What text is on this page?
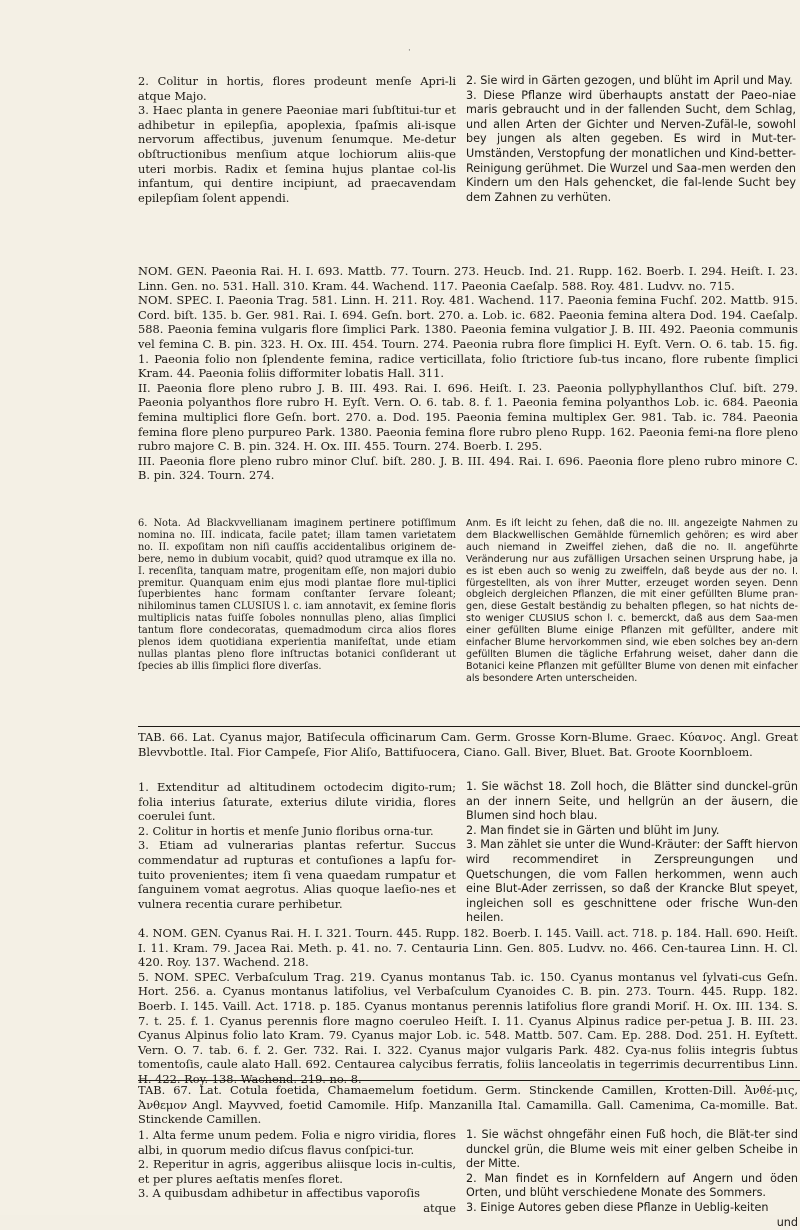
·

2. Colitur in hortis, flores prodeunt menſe Apri-li atque Majo.

3. Haec planta in genere Paeoniae mari ſubſtitui-tur et adhibetur in epilepſia, apoplexia, ſpaſmis ali-isque nervorum affectibus, juvenum ſenumque. Me-detur obſtructionibus menſium atque lochiorum aliis-que uteri morbis. Radix et ſemina hujus plantae col-lis infantum, qui dentire incipiunt, ad praecavendam epilepſiam ſolent appendi.

2. Sie wird in Gärten gezogen, und blüht im April und May.

3. Diese Pflanze wird überhaupts anstatt der Paeo-niae maris gebraucht und in der fallenden Sucht, dem Schlag, und allen Arten der Gichter und Nerven-Zufäl-le, sowohl bey jungen als alten gegeben. Es wird in Mut-ter-Umständen, Verstopfung der monatlichen und Kind-better-Reinigung gerühmet. Die Wurzel und Saa-men werden den Kindern um den Hals gehencket, die fal-lende Sucht bey dem Zahnen zu verhüten.

NOM. GEN. Paeonia Rai. H. I. 693. Mattb. 77. Tourn. 273. Heucb. Ind. 21. Rupp. 162. Boerb. I. 294. Heiſt. I. 23. Linn. Gen. no. 531. Hall. 310. Kram. 44. Wachend. 117. Paeonia Caeſalp. 588. Roy. 481. Ludvv. no. 715.

NOM. SPEC. I. Paeonia Trag. 581. Linn. H. 211. Roy. 481. Wachend. 117. Paeonia femina Fuchſ. 202. Mattb. 915. Cord. biſt. 135. b. Ger. 981. Rai. I. 694. Geſn. bort. 270. a. Lob. ic. 682. Paeonia femina altera Dod. 194. Caeſalp. 588. Paeonia femina vulgaris flore ſimplici Park. 1380. Paeonia femina vulgatior J. B. III. 492. Paeonia communis vel femina C. B. pin. 323. H. Ox. III. 454. Tourn. 274. Paeonia rubra flore ſimplici H. Eyſt. Vern. O. 6. tab. 15. fig. 1. Paeonia folio non ſplendente femina, radice verticillata, folio ſtrictiore ſub-tus incano, flore rubente ſimplici Kram. 44. Paeonia foliis difformiter lobatis Hall. 311.

II. Paeonia flore pleno rubro J. B. III. 493. Rai. I. 696. Heiſt. I. 23. Paeonia pollyphyllanthos Cluſ. biſt. 279. Paeonia polyanthos flore rubro H. Eyſt. Vern. O. 6. tab. 8. f. 1. Paeonia femina polyanthos Lob. ic. 684. Paeonia femina multiplici flore Geſn. bort. 270. a. Dod. 195. Paeonia femina multiplex Ger. 981. Tab. ic. 784. Paeonia femina flore pleno purpureo Park. 1380. Paeonia femina flore rubro pleno Rupp. 162. Paeonia femi-na flore pleno rubro majore C. B. pin. 324. H. Ox. III. 455. Tourn. 274. Boerb. I. 295.

III. Paeonia flore pleno rubro minor Cluſ. biſt. 280. J. B. III. 494. Rai. I. 696. Paeonia flore pleno rubro minore C. B. pin. 324. Tourn. 274.

6. Nota. Ad Blackvvellianam imaginem pertinere potiſſimum nomina no. III. indicata, facile patet; illam tamen varietatem no. II. expoſitam non niſi cauſſis accidentalibus originem de-bere, nemo in dubium vocabit, quid? quod utramque ex illa no. I. recenſita, tanquam matre, progenitam eſſe, non majori dubio premitur. Quanquam enim ejus modi plantae flore mul-tiplici ſuperbientes hanc formam conſtanter ſervare ſoleant; nihilominus tamen CLUSIUS l. c. iam annotavit, ex ſemine floris multiplicis natas fuiſſe ſoboles nonnullas pleno, alias ſimplici tantum flore condecoratas, quemadmodum circa alios flores plenos idem quotidiana experientia manifeſtat, unde etiam nullas plantas pleno flore inſtructas botanici conſiderant ut ſpecies ab illis ſimplici flore diverſas.

Anm. Es iſt leicht zu ſehen, daß die no. III. angezeigte Nahmen zu dem Blackwellischen Gemählde fürnemlich gehören; es wird aber auch niemand in Zweiffel ziehen, daß die no. II. angeführte Veränderung nur aus zufälligen Ursachen seinen Ursprung habe, ja es ist eben auch so wenig zu zweiffeln, daß beyde aus der no. I. fürgestellten, als von ihrer Mutter, erzeuget worden seyen. Denn obgleich dergleichen Pflanzen, die mit einer gefüllten Blume pran-gen, diese Gestalt beständig zu behalten pflegen, so hat nichts de-sto weniger CLUSIUS schon l. c. bemerckt, daß aus dem Saa-men einer gefüllten Blume einige Pflanzen mit gefüllter, andere mit einfacher Blume hervorkommen sind, wie eben solches bey an-dern gefüllten Blumen die tägliche Erfahrung weiset, daher dann die Botanici keine Pflanzen mit gefüllter Blume von denen mit einfacher als besondere Arten unterscheiden.

TAB. 66. Lat. Cyanus major, Batiſecula officinarum Cam. Germ. Grosse Korn-Blume. Graec. Κύανος. Angl. Great Blevvbottle. Ital. Fior Campeſe, Fior Aliſo, Battifuocera, Ciano. Gall. Biver, Bluet. Bat. Groote Koornbloem.

1. Extenditur ad altitudinem octodecim digito-rum; folia interius ſaturate, exterius dilute viridia, flores coerulei ſunt.

2. Colitur in hortis et menſe Junio floribus orna-tur.

3. Etiam ad vulnerarias plantas refertur. Succus commendatur ad rupturas et contuſiones a lapſu for-tuito provenientes; item ſi vena quaedam rumpatur et ſanguinem vomat aegrotus. Alias quoque laeſio-nes et vulnera recentia curare perhibetur.

1. Sie wächst 18. Zoll hoch, die Blätter sind dunckel-grün an der innern Seite, und hellgrün an der äusern, die Blumen sind hoch blau.

2. Man findet sie in Gärten und blüht im Juny.

3. Man zählet sie unter die Wund-Kräuter: der Safft hiervon wird recommendiret in Zerspreungungen und Quetschungen, die vom Fallen herkommen, wenn auch eine Blut-Ader zerrissen, so daß der Krancke Blut speyet, ingleichen soll es geschnittene oder frische Wun-den heilen.

4. NOM. GEN. Cyanus Rai. H. I. 321. Tourn. 445. Rupp. 182. Boerb. I. 145. Vaill. act. 718. p. 184. Hall. 690. Heiſt. I. 11. Kram. 79. Jacea Rai. Meth. p. 41. no. 7. Centauria Linn. Gen. 805. Ludvv. no. 466. Cen-taurea Linn. H. Cl. 420. Roy. 137. Wachend. 218.

5. NOM. SPEC. Verbaſculum Trag. 219. Cyanus montanus Tab. ic. 150. Cyanus montanus vel ſylvati-cus Geſn. Hort. 256. a. Cyanus montanus latifolius, vel Verbaſculum Cyanoides C. B. pin. 273. Tourn. 445. Rupp. 182. Boerb. I. 145. Vaill. Act. 1718. p. 185. Cyanus montanus perennis latifolius flore grandi Moriſ. H. Ox. III. 134. S. 7. t. 25. f. 1. Cyanus perennis flore magno coeruleo Heiſt. I. 11. Cyanus Alpinus radice per-petua J. B. III. 23. Cyanus Alpinus folio lato Kram. 79. Cyanus major Lob. ic. 548. Mattb. 507. Cam. Ep. 288. Dod. 251. H. Eyſtett. Vern. O. 7. tab. 6. f. 2. Ger. 732. Rai. I. 322. Cyanus major vulgaris Park. 482. Cya-nus foliis integris ſubtus tomentoſis, caule alato Hall. 692. Centaurea calycibus ferratis, foliis lanceolatis in tegerrimis decurrentibus Linn. H. 422. Roy. 138. Wachend. 219. no. 8.

TAB. 67. Lat. Cotula foetida, Chamaemelum foetidum. Germ. Stinckende Camillen, Krotten-Dill. Ἀνθέ-μις, Ἀνθεμον Angl. Mayvved, foetid Camomile. Hiſp. Manzanilla Ital. Camamilla. Gall. Camenima, Ca-momille. Bat. Stinckende Camillen.

1. Alta ferme unum pedem. Folia e nigro viridia, flores albi, in quorum medio diſcus flavus conſpici-tur.

2. Reperitur in agris, aggeribus aliisque locis in-cultis, et per plures aeſtatis menſes floret.

3. A quibusdam adhibetur in affectibus vaporoſis

atque

1. Sie wächst ohngefähr einen Fuß hoch, die Blät-ter sind dunckel grün, die Blume weis mit einer gelben Scheibe in der Mitte.

2. Man findet es in Kornfeldern auf Angern und öden Orten, und blüht verschiedene Monate des Sommers.

3. Einige Autores geben diese Pflanze in Ueblig-keiten

und
